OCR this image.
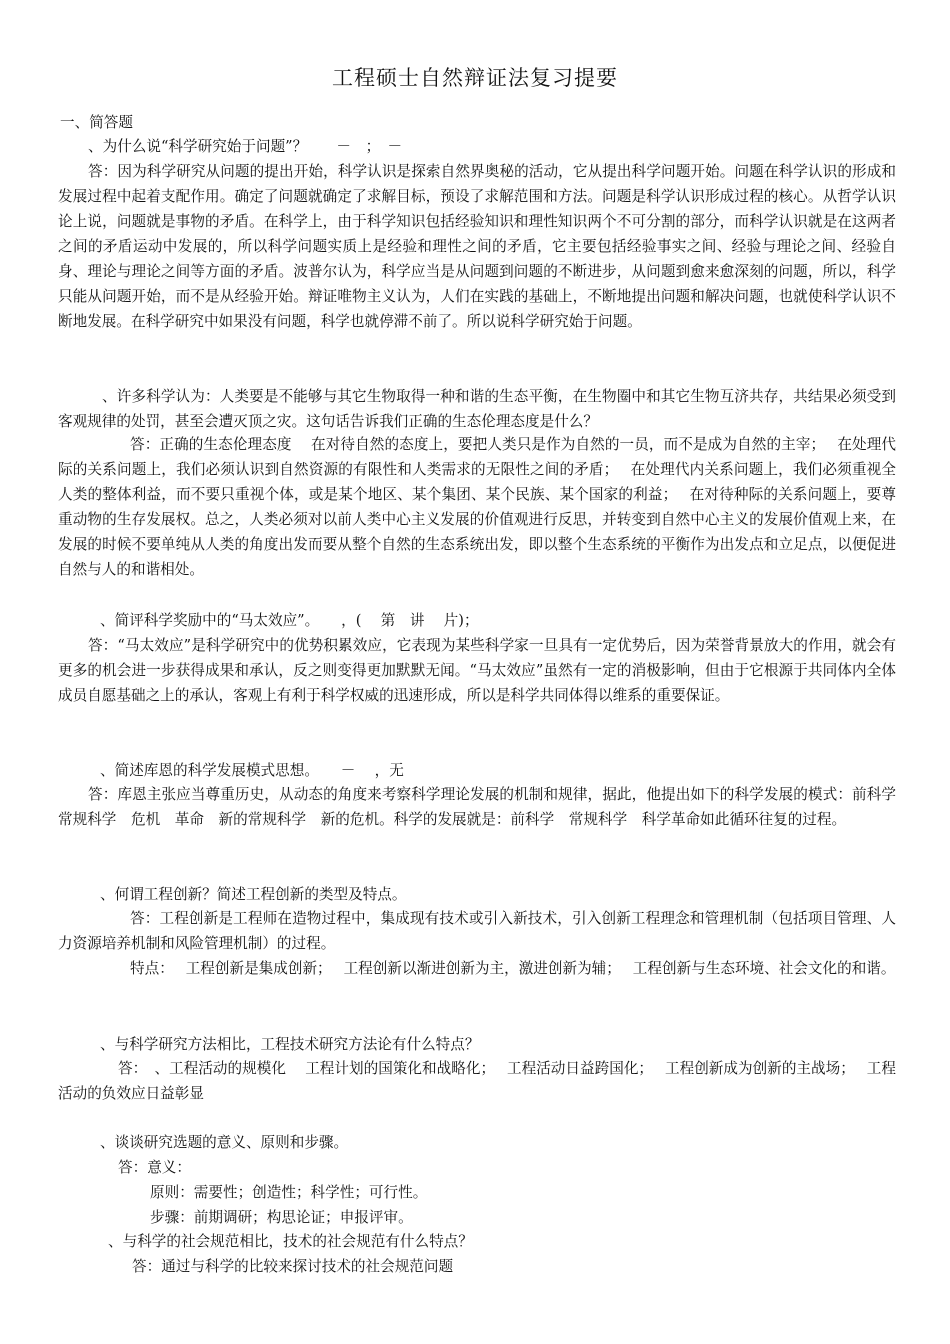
工程硕士自然辩证法复习提要
一、简答题

、为什么说“科学研究始于问题”？　　－　；　－

答：因为科学研究从问题的提出开始，科学认识是探索自然界奥秘的活动，它从提出科学问题开始。问题在科学认识的形成和发展过程中起着支配作用。确定了问题就确定了求解目标，预设了求解范围和方法。问题是科学认识形成过程的核心。从哲学认识论上说，问题就是事物的矛盾。在科学上，由于科学知识包括经验知识和理性知识两个不可分割的部分，而科学认识就是在这两者之间的矛盾运动中发展的，所以科学问题实质上是经验和理性之间的矛盾，它主要包括经验事实之间、经验与理论之间、经验自身、理论与理论之间等方面的矛盾。波普尔认为，科学应当是从问题到问题的不断进步，从问题到愈来愈深刻的问题，所以，科学只能从问题开始，而不是从经验开始。辩证唯物主义认为，人们在实践的基础上，不断地提出问题和解决问题，也就使科学认识不断地发展。在科学研究中如果没有问题，科学也就停滞不前了。所以说科学研究始于问题。

、许多科学认为：人类要是不能够与其它生物取得一种和谐的生态平衡，在生物圈中和其它生物互济共存，共结果必须受到客观规律的处罚，甚至会遭灭顶之灾。这句话告诉我们正确的生态伦理态度是什么？

答：正确的生态伦理态度　 在对待自然的态度上，要把人类只是作为自然的一员，而不是成为自然的主宰；　 在处理代际的关系问题上，我们必须认识到自然资源的有限性和人类需求的无限性之间的矛盾；　 在处理代内关系问题上，我们必须重视全人类的整体利益，而不要只重视个体，或是某个地区、某个集团、某个民族、某个国家的利益；　 在对待种际的关系问题上，要尊重动物的生存发展权。总之，人类必须对以前人类中心主义发展的价值观进行反思，并转变到自然中心主义的发展价值观上来，在发展的时候不要单纯从人类的角度出发而要从整个自然的生态系统出发，即以整个生态系统的平衡作为出发点和立足点，以便促进自然与人的和谐相处。

、简评科学奖励中的“马太效应”。　　，(　 第　讲　 片)；

答：“马太效应”是科学研究中的优势积累效应，它表现为某些科学家一旦具有一定优势后，因为荣誉背景放大的作用，就会有更多的机会进一步获得成果和承认，反之则变得更加默默无闻。“马太效应”虽然有一定的消极影响，但由于它根源于共同体内全体成员自愿基础之上的承认，客观上有利于科学权威的迅速形成，所以是科学共同体得以维系的重要保证。

、简述库恩的科学发展模式思想。　　－　 ，无

答：库恩主张应当尊重历史，从动态的角度来考察科学理论发展的机制和规律，据此，他提出如下的科学发展的模式：前科学　常规科学　危机　革命　新的常规科学　新的危机。科学的发展就是：前科学　常规科学　科学革命如此循环往复的过程。

、何谓工程创新？简述工程创新的类型及特点。

答：工程创新是工程师在造物过程中，集成现有技术或引入新技术，引入创新工程理念和管理机制（包括项目管理、人力资源培养机制和风险管理机制）的过程。

特点：　 工程创新是集成创新；　 工程创新以渐进创新为主，激进创新为辅；　 工程创新与生态环境、社会文化的和谐。

、与科学研究方法相比，工程技术研究方法论有什么特点？

答：　、工程活动的规模化　 工程计划的国策化和战略化；　 工程活动日益跨国化；　 工程创新成为创新的主战场；　 工程活动的负效应日益彰显

、谈谈研究选题的意义、原则和步骤。

答：意义：

原则：需要性；创造性；科学性；可行性。

步骤：前期调研；构思论证；申报评审。

、与科学的社会规范相比，技术的社会规范有什么特点？

答：通过与科学的比较来探讨技术的社会规范问题
